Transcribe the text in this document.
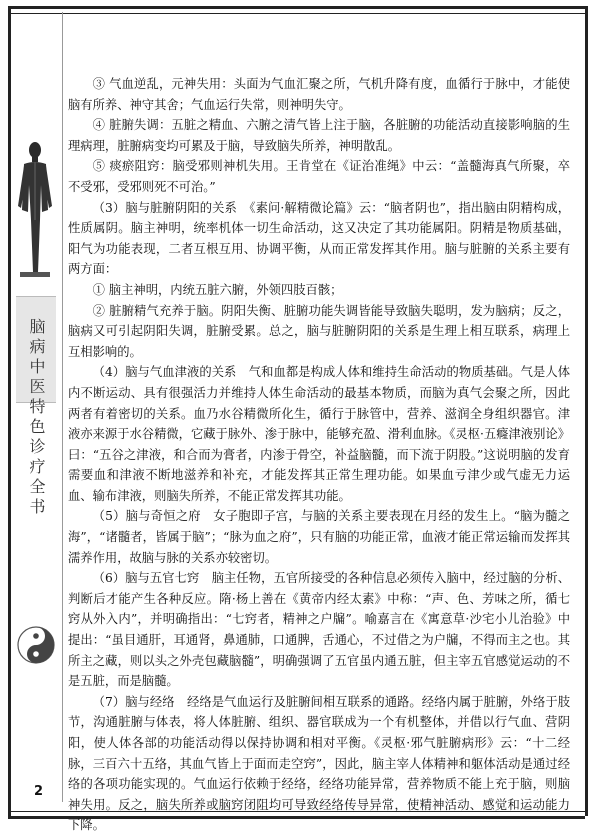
脑病中医特色诊疗全书
2

③ 气血逆乱，元神失用：头面为气血汇聚之所，气机升降有度，血循行于脉中，才能使脑有所养、神守其舍；气血运行失常，则神明失守。

④ 脏腑失调：五脏之精血、六腑之清气皆上注于脑，各脏腑的功能活动直接影响脑的生理病理，脏腑病变均可累及于脑，导致脑失所养，神明散乱。

⑤ 痰瘀阻窍：脑受邪则神机失用。王肯堂在《证治准绳》中云：“盖髓海真气所聚，卒不受邪，受邪则死不可治。”

（3）脑与脏腑阴阳的关系　《素问·解精微论篇》云：“脑者阴也”，指出脑由阴精构成，性质属阴。脑主神明，统率机体一切生命活动，这又决定了其功能属阳。阴精是物质基础，阳气为功能表现，二者互根互用、协调平衡，从而正常发挥其作用。脑与脏腑的关系主要有两方面：

① 脑主神明，内统五脏六腑，外领四肢百骸；

② 脏腑精气充养于脑。阴阳失衡、脏腑功能失调皆能导致脑失聪明，发为脑病；反之，脑病又可引起阴阳失调，脏腑受累。总之，脑与脏腑阴阳的关系是生理上相互联系，病理上互相影响的。

（4）脑与气血津液的关系　气和血都是构成人体和维持生命活动的物质基础。气是人体内不断运动、具有很强活力并维持人体生命活动的最基本物质，而脑为真气会聚之所，因此两者有着密切的关系。血乃水谷精微所化生，循行于脉管中，营养、滋润全身组织器官。津液亦来源于水谷精微，它藏于脉外、渗于脉中，能够充盈、滑利血脉。《灵枢·五癃津液别论》曰：“五谷之津液，和合而为膏者，内渗于骨空，补益脑髓，而下流于阴股。”这说明脑的发育需要血和津液不断地滋养和补充，才能发挥其正常生理功能。如果血亏津少或气虚无力运血、输布津液，则脑失所养，不能正常发挥其功能。

（5）脑与奇恒之府　女子胞即子宫，与脑的关系主要表现在月经的发生上。“脑为髓之海”，“诸髓者，皆属于脑”；“脉为血之府”，只有脑的功能正常，血液才能正常运输而发挥其濡养作用，故脑与脉的关系亦较密切。

（6）脑与五官七窍　脑主任物，五官所接受的各种信息必须传入脑中，经过脑的分析、判断后才能产生各种反应。隋·杨上善在《黄帝内经太素》中称：“声、色、芳味之所，循七窍从外入内”，并明确指出：“七窍者，精神之户牖”。喻嘉言在《寓意草·沙宅小儿治验》中提出：“虽目通肝，耳通肾，鼻通肺，口通脾，舌通心，不过借之为户牖，不得而主之也。其所主之藏，则以头之外壳包藏脑髓”，明确强调了五官虽内通五脏，但主宰五官感觉运动的不是五脏，而是脑髓。

（7）脑与经络　经络是气血运行及脏腑间相互联系的通路。经络内属于脏腑，外络于肢节，沟通脏腑与体表，将人体脏腑、组织、器官联成为一个有机整体，并借以行气血、营阴阳，使人体各部的功能活动得以保持协调和相对平衡。《灵枢·邪气脏腑病形》云：“十二经脉，三百六十五络，其血气皆上于面而走空窍”，因此，脑主宰人体精神和躯体活动是通过经络的各项功能实现的。气血运行依赖于经络，经络功能异常，营养物质不能上充于脑，则脑神失用。反之，脑失所养或脑窍闭阻均可导致经络传导异常，使精神活动、感觉和运动能力下降。
